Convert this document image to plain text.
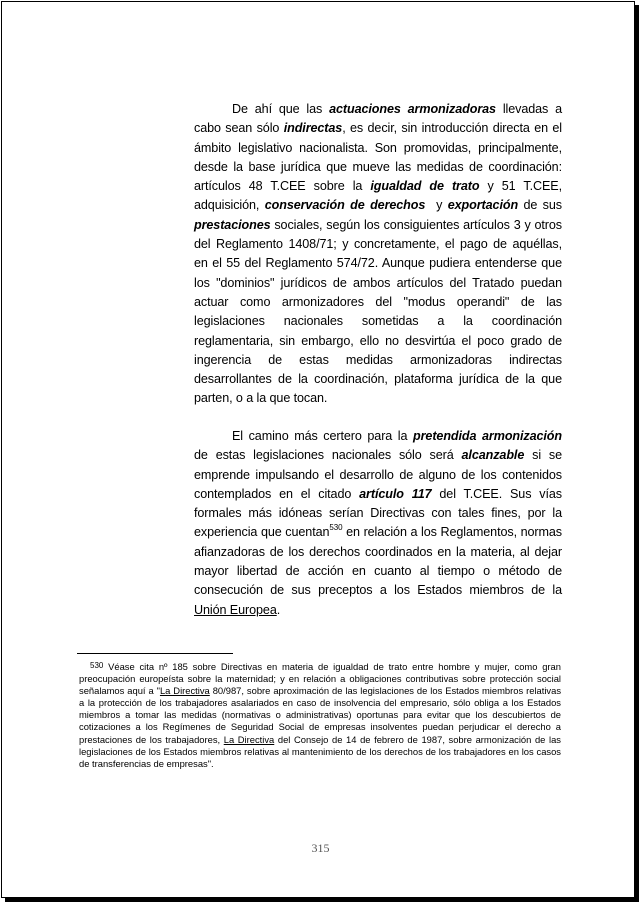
De ahí que las actuaciones armonizadoras llevadas a cabo sean sólo indirectas, es decir, sin introducción directa en el ámbito legislativo nacionalista. Son promovidas, principalmente, desde la base jurídica que mueve las medidas de coordinación: artículos 48 T.CEE sobre la igualdad de trato y 51 T.CEE, adquisición, conservación de derechos  y exportación de sus prestaciones sociales, según los consiguientes artículos 3 y otros del Reglamento 1408/71; y concretamente, el pago de aquéllas, en el 55 del Reglamento 574/72. Aunque pudiera entenderse que los "dominios" jurídicos de ambos artículos del Tratado puedan actuar como armonizadores del "modus operandi" de las legislaciones nacionales sometidas a la coordinación reglamentaria, sin embargo, ello no desvirtúa el poco grado de ingerencia de estas medidas armonizadoras indirectas desarrollantes de la coordinación, plataforma jurídica de la que parten, o a la que tocan.
El camino más certero para la pretendida armonización de estas legislaciones nacionales sólo será alcanzable si se emprende impulsando el desarrollo de alguno de los contenidos contemplados en el citado artículo 117 del T.CEE. Sus vías formales más idóneas serían Directivas con tales fines, por la experiencia que cuentan$^{530}$ en relación a los Reglamentos, normas afianzadoras de los derechos coordinados en la materia, al dejar mayor libertad de acción en cuanto al tiempo o método de consecución de sus preceptos a los Estados miembros de la Unión Europea.
530 Véase cita nº 185 sobre Directivas en materia de igualdad de trato entre hombre y mujer, como gran preocupación europeísta sobre la maternidad; y en relación a obligaciones contributivas sobre protección social señalamos aquí a "La Directiva 80/987, sobre aproximación de las legislaciones de los Estados miembros relativas a la protección de los trabajadores asalariados en caso de insolvencia del empresario, sólo obliga a los Estados miembros a tomar las medidas (normativas o administrativas) oportunas para evitar que los descubiertos de cotizaciones a los Regímenes de Seguridad Social de empresas insolventes puedan perjudicar el derecho a prestaciones de los trabajadores, La Directiva del Consejo de 14 de febrero de 1987, sobre armonización de las legislaciones de los Estados miembros relativas al mantenimiento de los derechos de los trabajadores en los casos de transferencias de empresas".
315
